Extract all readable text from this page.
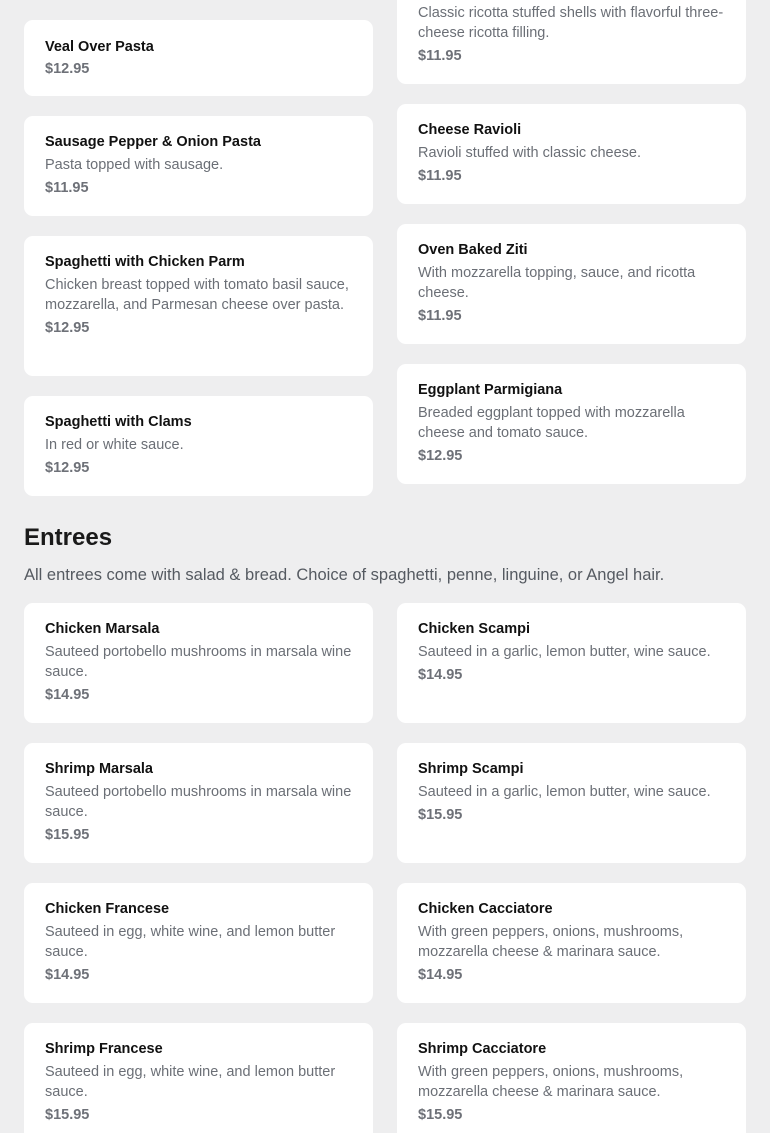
Veal Over Pasta
$12.95
Sausage Pepper & Onion Pasta
Pasta topped with sausage.
$11.95
Spaghetti with Chicken Parm
Chicken breast topped with tomato basil sauce, mozzarella, and Parmesan cheese over pasta.
$12.95
Spaghetti with Clams
In red or white sauce.
$12.95
Classic ricotta stuffed shells with flavorful three-cheese ricotta filling.
$11.95
Cheese Ravioli
Ravioli stuffed with classic cheese.
$11.95
Oven Baked Ziti
With mozzarella topping, sauce, and ricotta cheese.
$11.95
Eggplant Parmigiana
Breaded eggplant topped with mozzarella cheese and tomato sauce.
$12.95
Entrees

All entrees come with salad & bread. Choice of spaghetti, penne, linguine, or Angel hair.

Chicken Marsala
Sauteed portobello mushrooms in marsala wine sauce.
$14.95
Shrimp Marsala
Sauteed portobello mushrooms in marsala wine sauce.
$15.95
Chicken Francese
Sauteed in egg, white wine, and lemon butter sauce.
$14.95
Shrimp Francese
Sauteed in egg, white wine, and lemon butter sauce.
$15.95
Chicken Scampi
Sauteed in a garlic, lemon butter, wine sauce.
$14.95
Shrimp Scampi
Sauteed in a garlic, lemon butter, wine sauce.
$15.95
Chicken Cacciatore
With green peppers, onions, mushrooms, mozzarella cheese & marinara sauce.
$14.95
Shrimp Cacciatore
With green peppers, onions, mushrooms, mozzarella cheese & marinara sauce.
$15.95
